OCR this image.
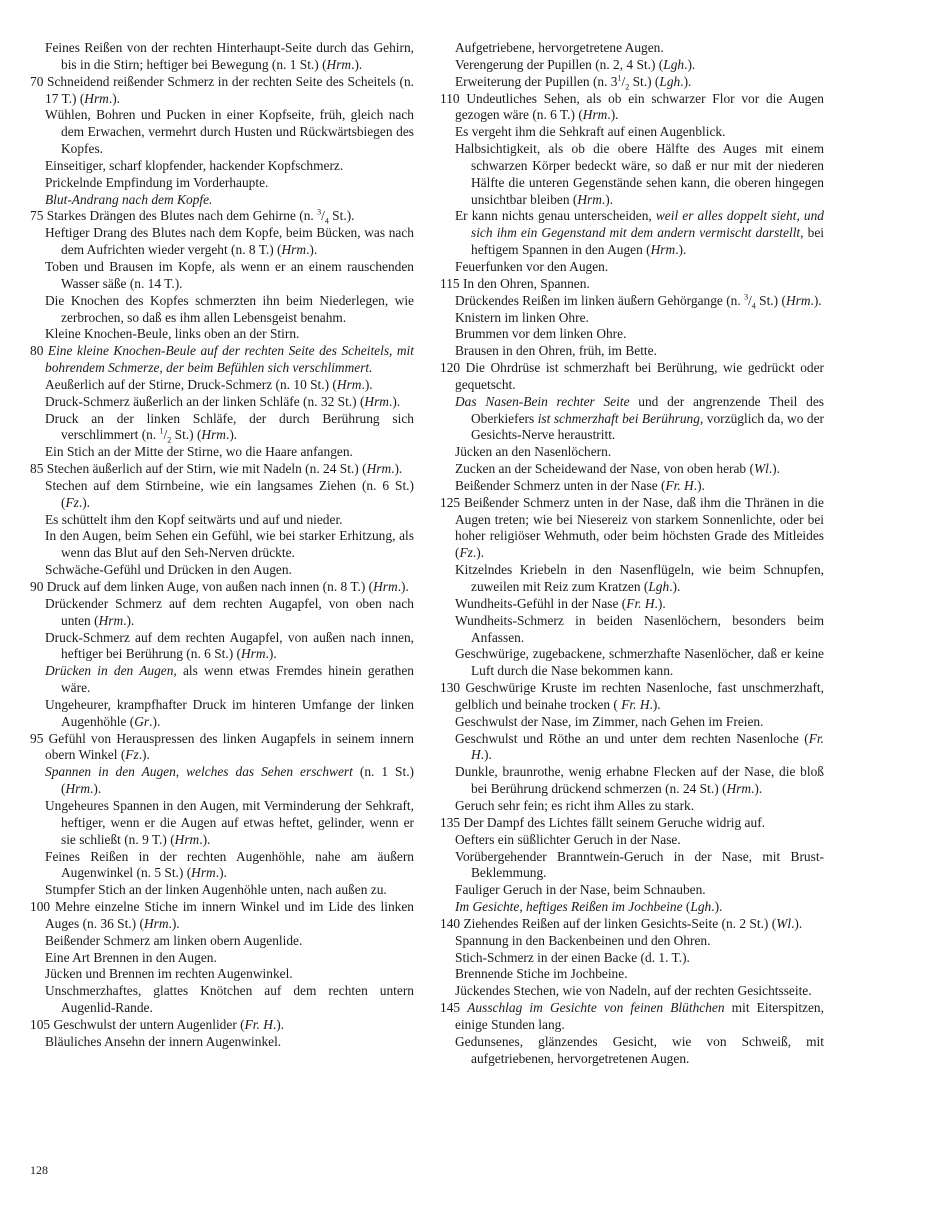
Feines Reißen von der rechten Hinterhaupt-Seite durch das Gehirn, bis in die Stirn; heftiger bei Bewegung (n. 1 St.) (Hrm.).

70 Schneidend reißender Schmerz in der rechten Seite des Scheitels (n. 17 T.) (Hrm.).

Wühlen, Bohren und Pucken in einer Kopfseite, früh, gleich nach dem Erwachen, vermehrt durch Husten und Rückwärtsbiegen des Kopfes.

Einseitiger, scharf klopfender, hackender Kopfschmerz.

Prickelnde Empfindung im Vorderhaupte.

Blut-Andrang nach dem Kopfe.

75 Starkes Drängen des Blutes nach dem Gehirne (n. $^3/_4$ St.).

Heftiger Drang des Blutes nach dem Kopfe, beim Bücken, was nach dem Aufrichten wieder vergeht (n. 8 T.) (Hrm.).

Toben und Brausen im Kopfe, als wenn er an einem rauschenden Wasser säße (n. 14 T.).

Die Knochen des Kopfes schmerzten ihn beim Niederlegen, wie zerbrochen, so daß es ihm allen Lebensgeist benahm.

Kleine Knochen-Beule, links oben an der Stirn.

80 Eine kleine Knochen-Beule auf der rechten Seite des Scheitels, mit bohrendem Schmerze, der beim Befühlen sich verschlimmert.

Aeußerlich auf der Stirne, Druck-Schmerz (n. 10 St.) (Hrm.).

Druck-Schmerz äußerlich an der linken Schläfe (n. 32 St.) (Hrm.).

Druck an der linken Schläfe, der durch Berührung sich verschlimmert (n. $^1/_2$ St.) (Hrm.).

Ein Stich an der Mitte der Stirne, wo die Haare anfangen.

85 Stechen äußerlich auf der Stirn, wie mit Nadeln (n. 24 St.) (Hrm.).

Stechen auf dem Stirnbeine, wie ein langsames Ziehen (n. 6 St.) (Fz.).

Es schüttelt ihm den Kopf seitwärts und auf und nieder.

In den Augen, beim Sehen ein Gefühl, wie bei starker Erhitzung, als wenn das Blut auf den Seh-Nerven drückte.

Schwäche-Gefühl und Drücken in den Augen.

90 Druck auf dem linken Auge, von außen nach innen (n. 8 T.) (Hrm.).

Drückender Schmerz auf dem rechten Augapfel, von oben nach unten (Hrm.).

Druck-Schmerz auf dem rechten Augapfel, von außen nach innen, heftiger bei Berührung (n. 6 St.) (Hrm.).

Drücken in den Augen, als wenn etwas Fremdes hinein gerathen wäre.

Ungeheurer, krampfhafter Druck im hinteren Umfange der linken Augenhöhle (Gr.).

95 Gefühl von Herauspressen des linken Augapfels in seinem innern obern Winkel (Fz.).

Spannen in den Augen, welches das Sehen erschwert (n. 1 St.) (Hrm.).

Ungeheures Spannen in den Augen, mit Verminderung der Sehkraft, heftiger, wenn er die Augen auf etwas heftet, gelinder, wenn er sie schließt (n. 9 T.) (Hrm.).

Feines Reißen in der rechten Augenhöhle, nahe am äußern Augenwinkel (n. 5 St.) (Hrm.).

Stumpfer Stich an der linken Augenhöhle unten, nach außen zu.

100 Mehre einzelne Stiche im innern Winkel und im Lide des linken Auges (n. 36 St.) (Hrm.).

Beißender Schmerz am linken obern Augenlide.

Eine Art Brennen in den Augen.

Jücken und Brennen im rechten Augenwinkel.

Unschmerzhaftes, glattes Knötchen auf dem rechten untern Augenlid-Rande.

105 Geschwulst der untern Augenlider (Fr. H.).

Bläuliches Ansehn der innern Augenwinkel.

Aufgetriebene, hervorgetretene Augen.

Verengerung der Pupillen (n. 2, 4 St.) (Lgh.).

Erweiterung der Pupillen (n. $3^1/_2$ St.) (Lgh.).

110 Undeutliches Sehen, als ob ein schwarzer Flor vor die Augen gezogen wäre (n. 6 T.) (Hrm.).

Es vergeht ihm die Sehkraft auf einen Augenblick.

Halbsichtigkeit, als ob die obere Hälfte des Auges mit einem schwarzen Körper bedeckt wäre, so daß er nur mit der niederen Hälfte die unteren Gegenstände sehen kann, die oberen hingegen unsichtbar bleiben (Hrm.).

Er kann nichts genau unterscheiden, weil er alles doppelt sieht, und sich ihm ein Gegenstand mit dem andern vermischt darstellt, bei heftigem Spannen in den Augen (Hrm.).

Feuerfunken vor den Augen.

115 In den Ohren, Spannen.

Drückendes Reißen im linken äußern Gehörgange (n. $^3/_4$ St.) (Hrm.).

Knistern im linken Ohre.

Brummen vor dem linken Ohre.

Brausen in den Ohren, früh, im Bette.

120 Die Ohrdrüse ist schmerzhaft bei Berührung, wie gedrückt oder gequetscht.

Das Nasen-Bein rechter Seite und der angrenzende Theil des Oberkiefers ist schmerzhaft bei Berührung, vorzüglich da, wo der Gesichts-Nerve heraustritt.

Jücken an den Nasenlöchern.

Zucken an der Scheidewand der Nase, von oben herab (Wl.).

Beißender Schmerz unten in der Nase (Fr. H.).

125 Beißender Schmerz unten in der Nase, daß ihm die Thränen in die Augen treten; wie bei Niesereiz von starkem Sonnenlichte, oder bei hoher religiöser Wehmuth, oder beim höchsten Grade des Mitleides (Fz.).

Kitzelndes Kriebeln in den Nasenflügeln, wie beim Schnupfen, zuweilen mit Reiz zum Kratzen (Lgh.).

Wundheits-Gefühl in der Nase (Fr. H.).

Wundheits-Schmerz in beiden Nasenlöchern, besonders beim Anfassen.

Geschwürige, zugebackene, schmerzhafte Nasenlöcher, daß er keine Luft durch die Nase bekommen kann.

130 Geschwürige Kruste im rechten Nasenloche, fast unschmerzhaft, gelblich und beinahe trocken ( Fr. H.).

Geschwulst der Nase, im Zimmer, nach Gehen im Freien.

Geschwulst und Röthe an und unter dem rechten Nasenloche (Fr. H.).

Dunkle, braunrothe, wenig erhabne Flecken auf der Nase, die bloß bei Berührung drückend schmerzen (n. 24 St.) (Hrm.).

Geruch sehr fein; es richt ihm Alles zu stark.

135 Der Dampf des Lichtes fällt seinem Geruche widrig auf.

Oefters ein süßlichter Geruch in der Nase.

Vorübergehender Branntwein-Geruch in der Nase, mit Brust-Beklemmung.

Fauliger Geruch in der Nase, beim Schnauben.

Im Gesichte, heftiges Reißen im Jochbeine (Lgh.).

140 Ziehendes Reißen auf der linken Gesichts-Seite (n. 2 St.) (Wl.).

Spannung in den Backenbeinen und den Ohren.

Stich-Schmerz in der einen Backe (d. 1. T.).

Brennende Stiche im Jochbeine.

Jückendes Stechen, wie von Nadeln, auf der rechten Gesichtsseite.

145 Ausschlag im Gesichte von feinen Blüthchen mit Eiterspitzen, einige Stunden lang.

Gedunsenes, glänzendes Gesicht, wie von Schweiß, mit aufgetriebenen, hervorgetretenen Augen.

128
